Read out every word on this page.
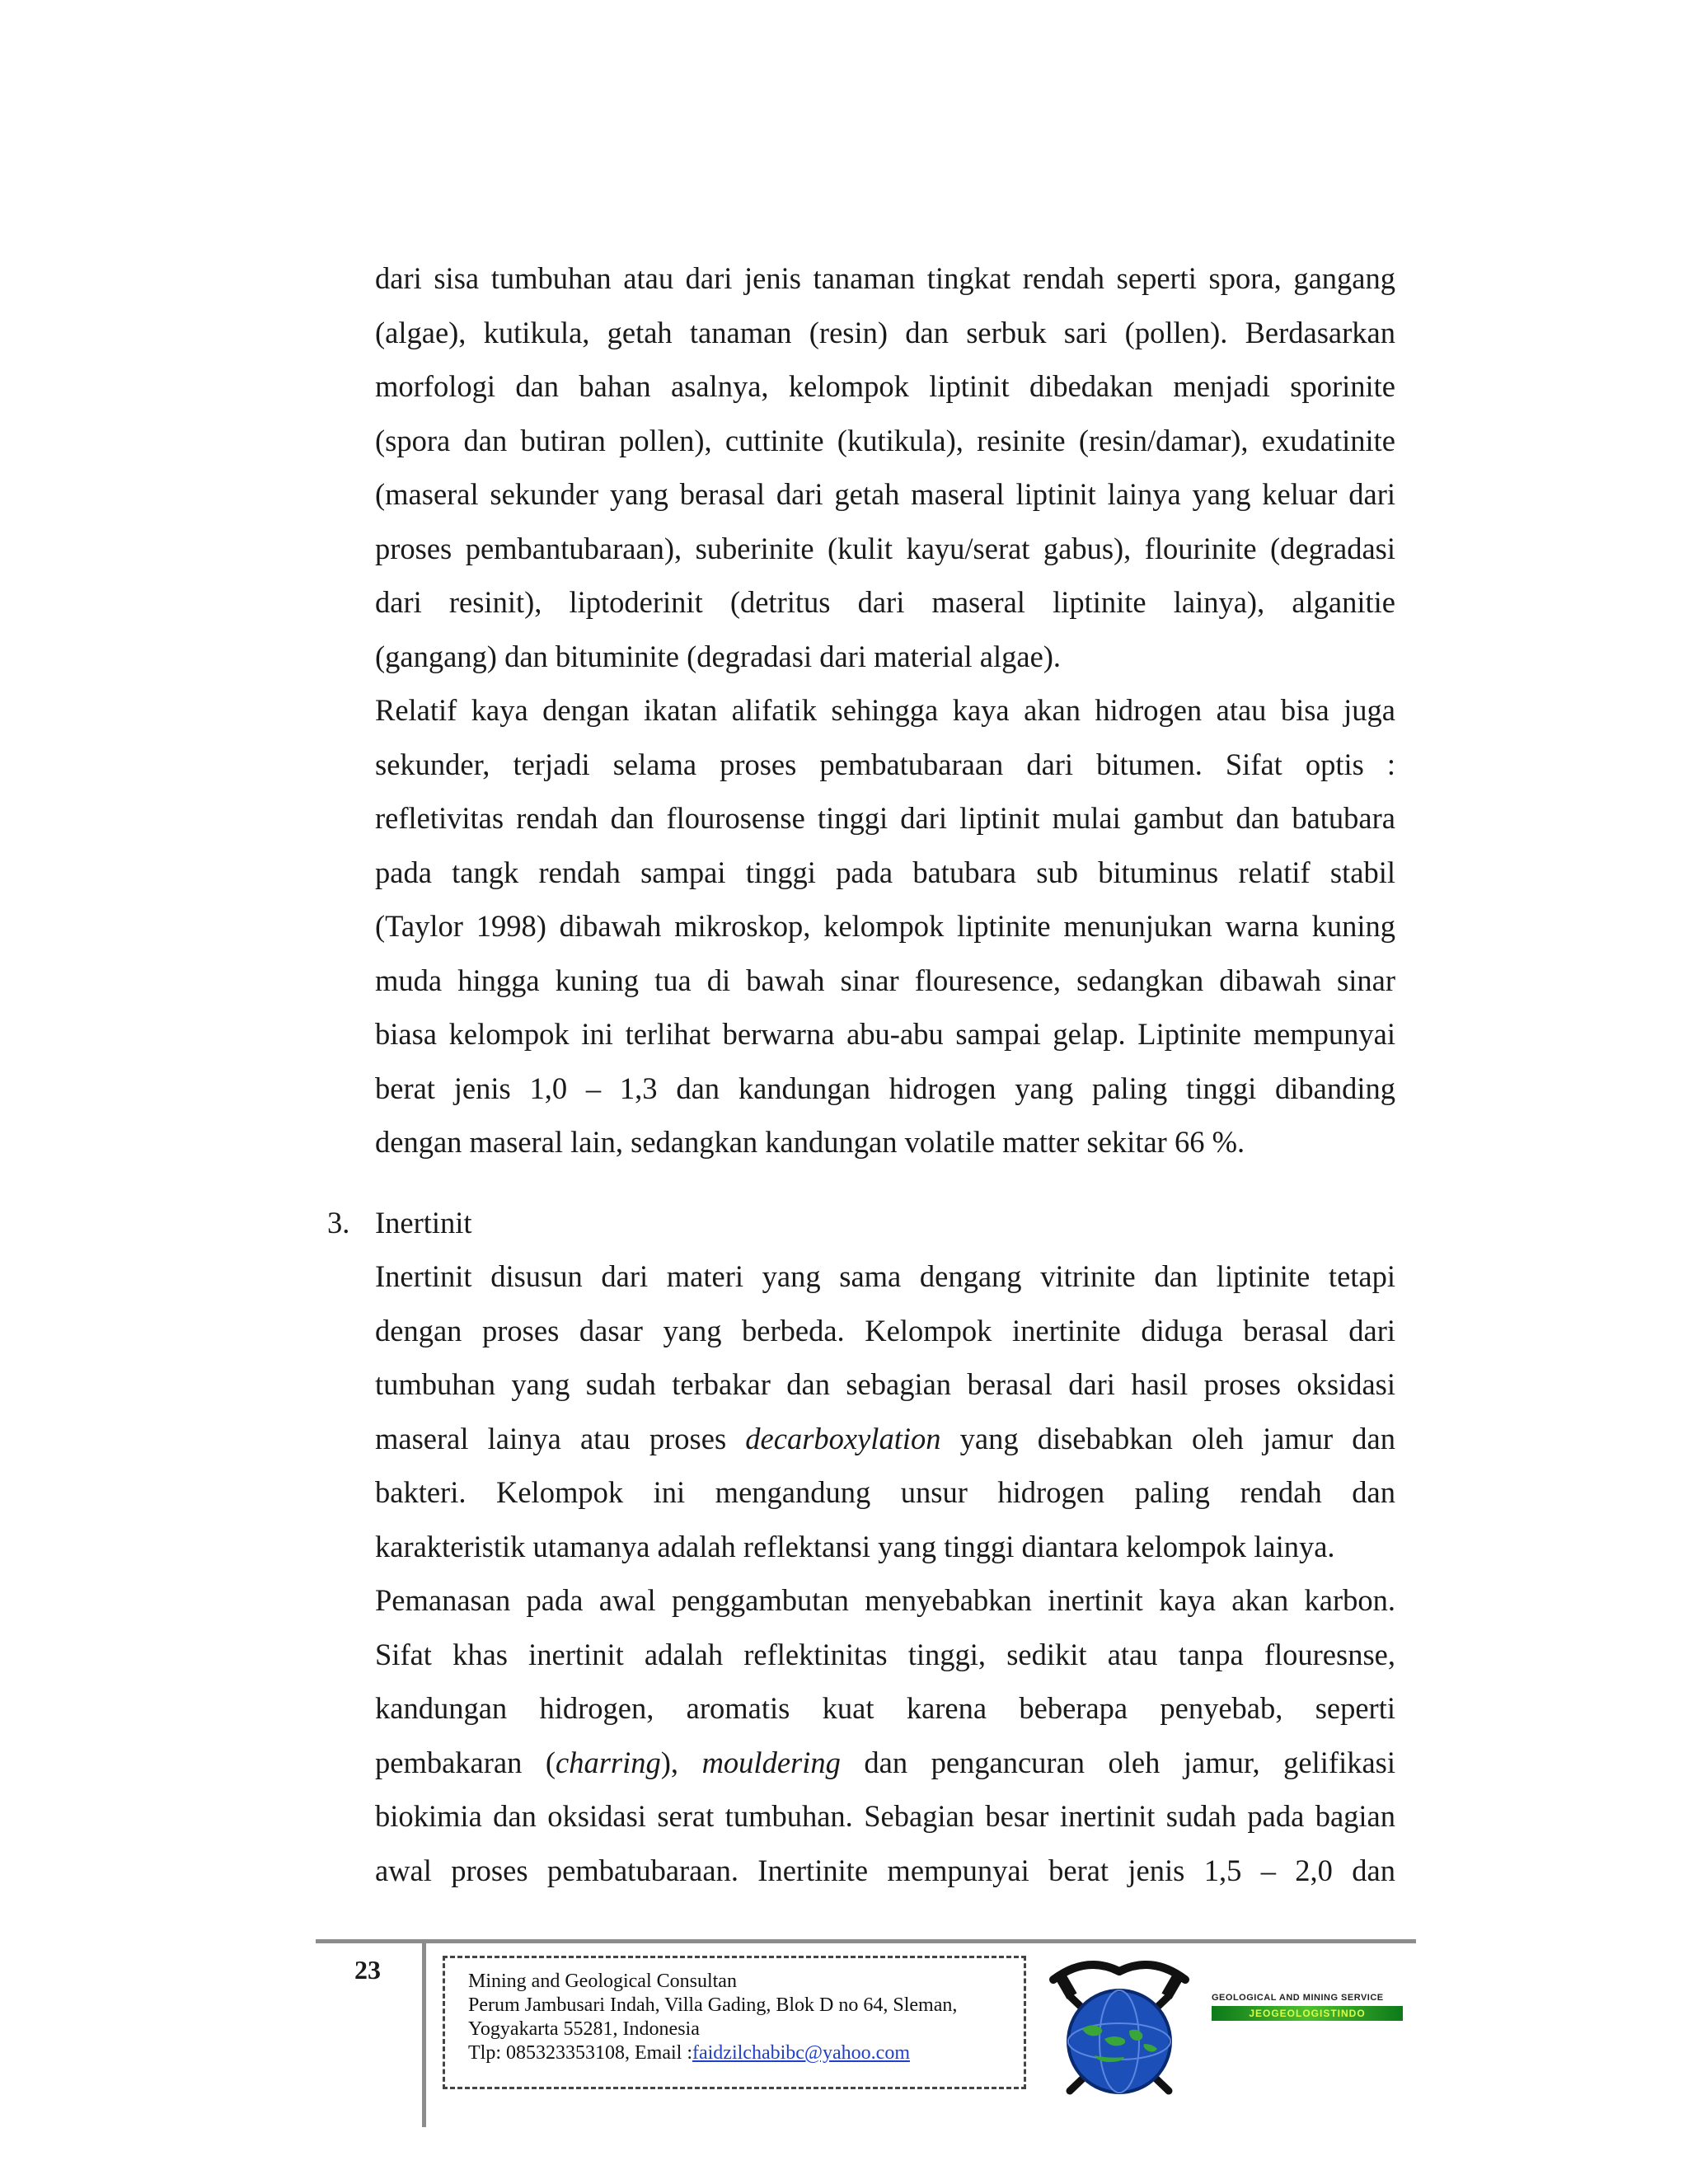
dari sisa tumbuhan atau dari jenis tanaman tingkat rendah seperti spora, gangang
(algae), kutikula, getah tanaman (resin) dan serbuk sari (pollen). Berdasarkan
morfologi dan bahan asalnya, kelompok liptinit dibedakan menjadi sporinite
(spora dan butiran pollen), cuttinite (kutikula), resinite (resin/damar), exudatinite
(maseral sekunder yang berasal dari getah maseral liptinit lainya yang keluar dari
proses pembantubaraan), suberinite (kulit kayu/serat gabus), flourinite (degradasi
dari resinit), liptoderinit (detritus dari maseral liptinite lainya), alganitie
(gangang) dan bituminite (degradasi dari material algae).

Relatif kaya dengan ikatan alifatik sehingga kaya akan hidrogen atau bisa juga
sekunder, terjadi selama proses pembatubaraan dari bitumen. Sifat optis :
refletivitas rendah dan flourosense tinggi dari liptinit mulai gambut dan batubara
pada tangk rendah sampai tinggi pada batubara sub bituminus relatif stabil
(Taylor 1998) dibawah mikroskop, kelompok liptinite menunjukan warna kuning
muda hingga kuning tua di bawah sinar flouresence, sedangkan dibawah sinar
biasa kelompok ini terlihat berwarna abu-abu sampai gelap. Liptinite mempunyai
berat jenis 1,0 – 1,3 dan kandungan hidrogen yang paling tinggi dibanding
dengan maseral lain, sedangkan kandungan volatile matter sekitar 66 %.

3. Inertinit

Inertinit disusun dari materi yang sama dengang vitrinite dan liptinite tetapi
dengan proses dasar yang berbeda. Kelompok inertinite diduga berasal dari
tumbuhan yang sudah terbakar dan sebagian berasal dari hasil proses oksidasi
maseral lainya atau proses decarboxylation yang disebabkan oleh jamur dan
bakteri. Kelompok ini mengandung unsur hidrogen paling rendah dan
karakteristik utamanya adalah reflektansi yang tinggi diantara kelompok lainya.

Pemanasan pada awal penggambutan menyebabkan inertinit kaya akan karbon.
Sifat khas inertinit adalah reflektinitas tinggi, sedikit atau tanpa flouresnse,
kandungan hidrogen, aromatis kuat karena beberapa penyebab, seperti
pembakaran (charring), mouldering dan pengancuran oleh jamur, gelifikasi
biokimia dan oksidasi serat tumbuhan. Sebagian besar inertinit sudah pada bagian
awal proses pembatubaraan. Inertinite mempunyai berat jenis 1,5 – 2,0 dan

23	Mining and Geological Consultan
Perum Jambusari Indah, Villa Gading, Blok D no 64, Sleman,
Yogyakarta 55281, Indonesia
Tlp: 085323353108, Email :faidzilchabibc@yahoo.com
GEOLOGICAL AND MINING SERVICE
JEOGEOLOGISTINDO
